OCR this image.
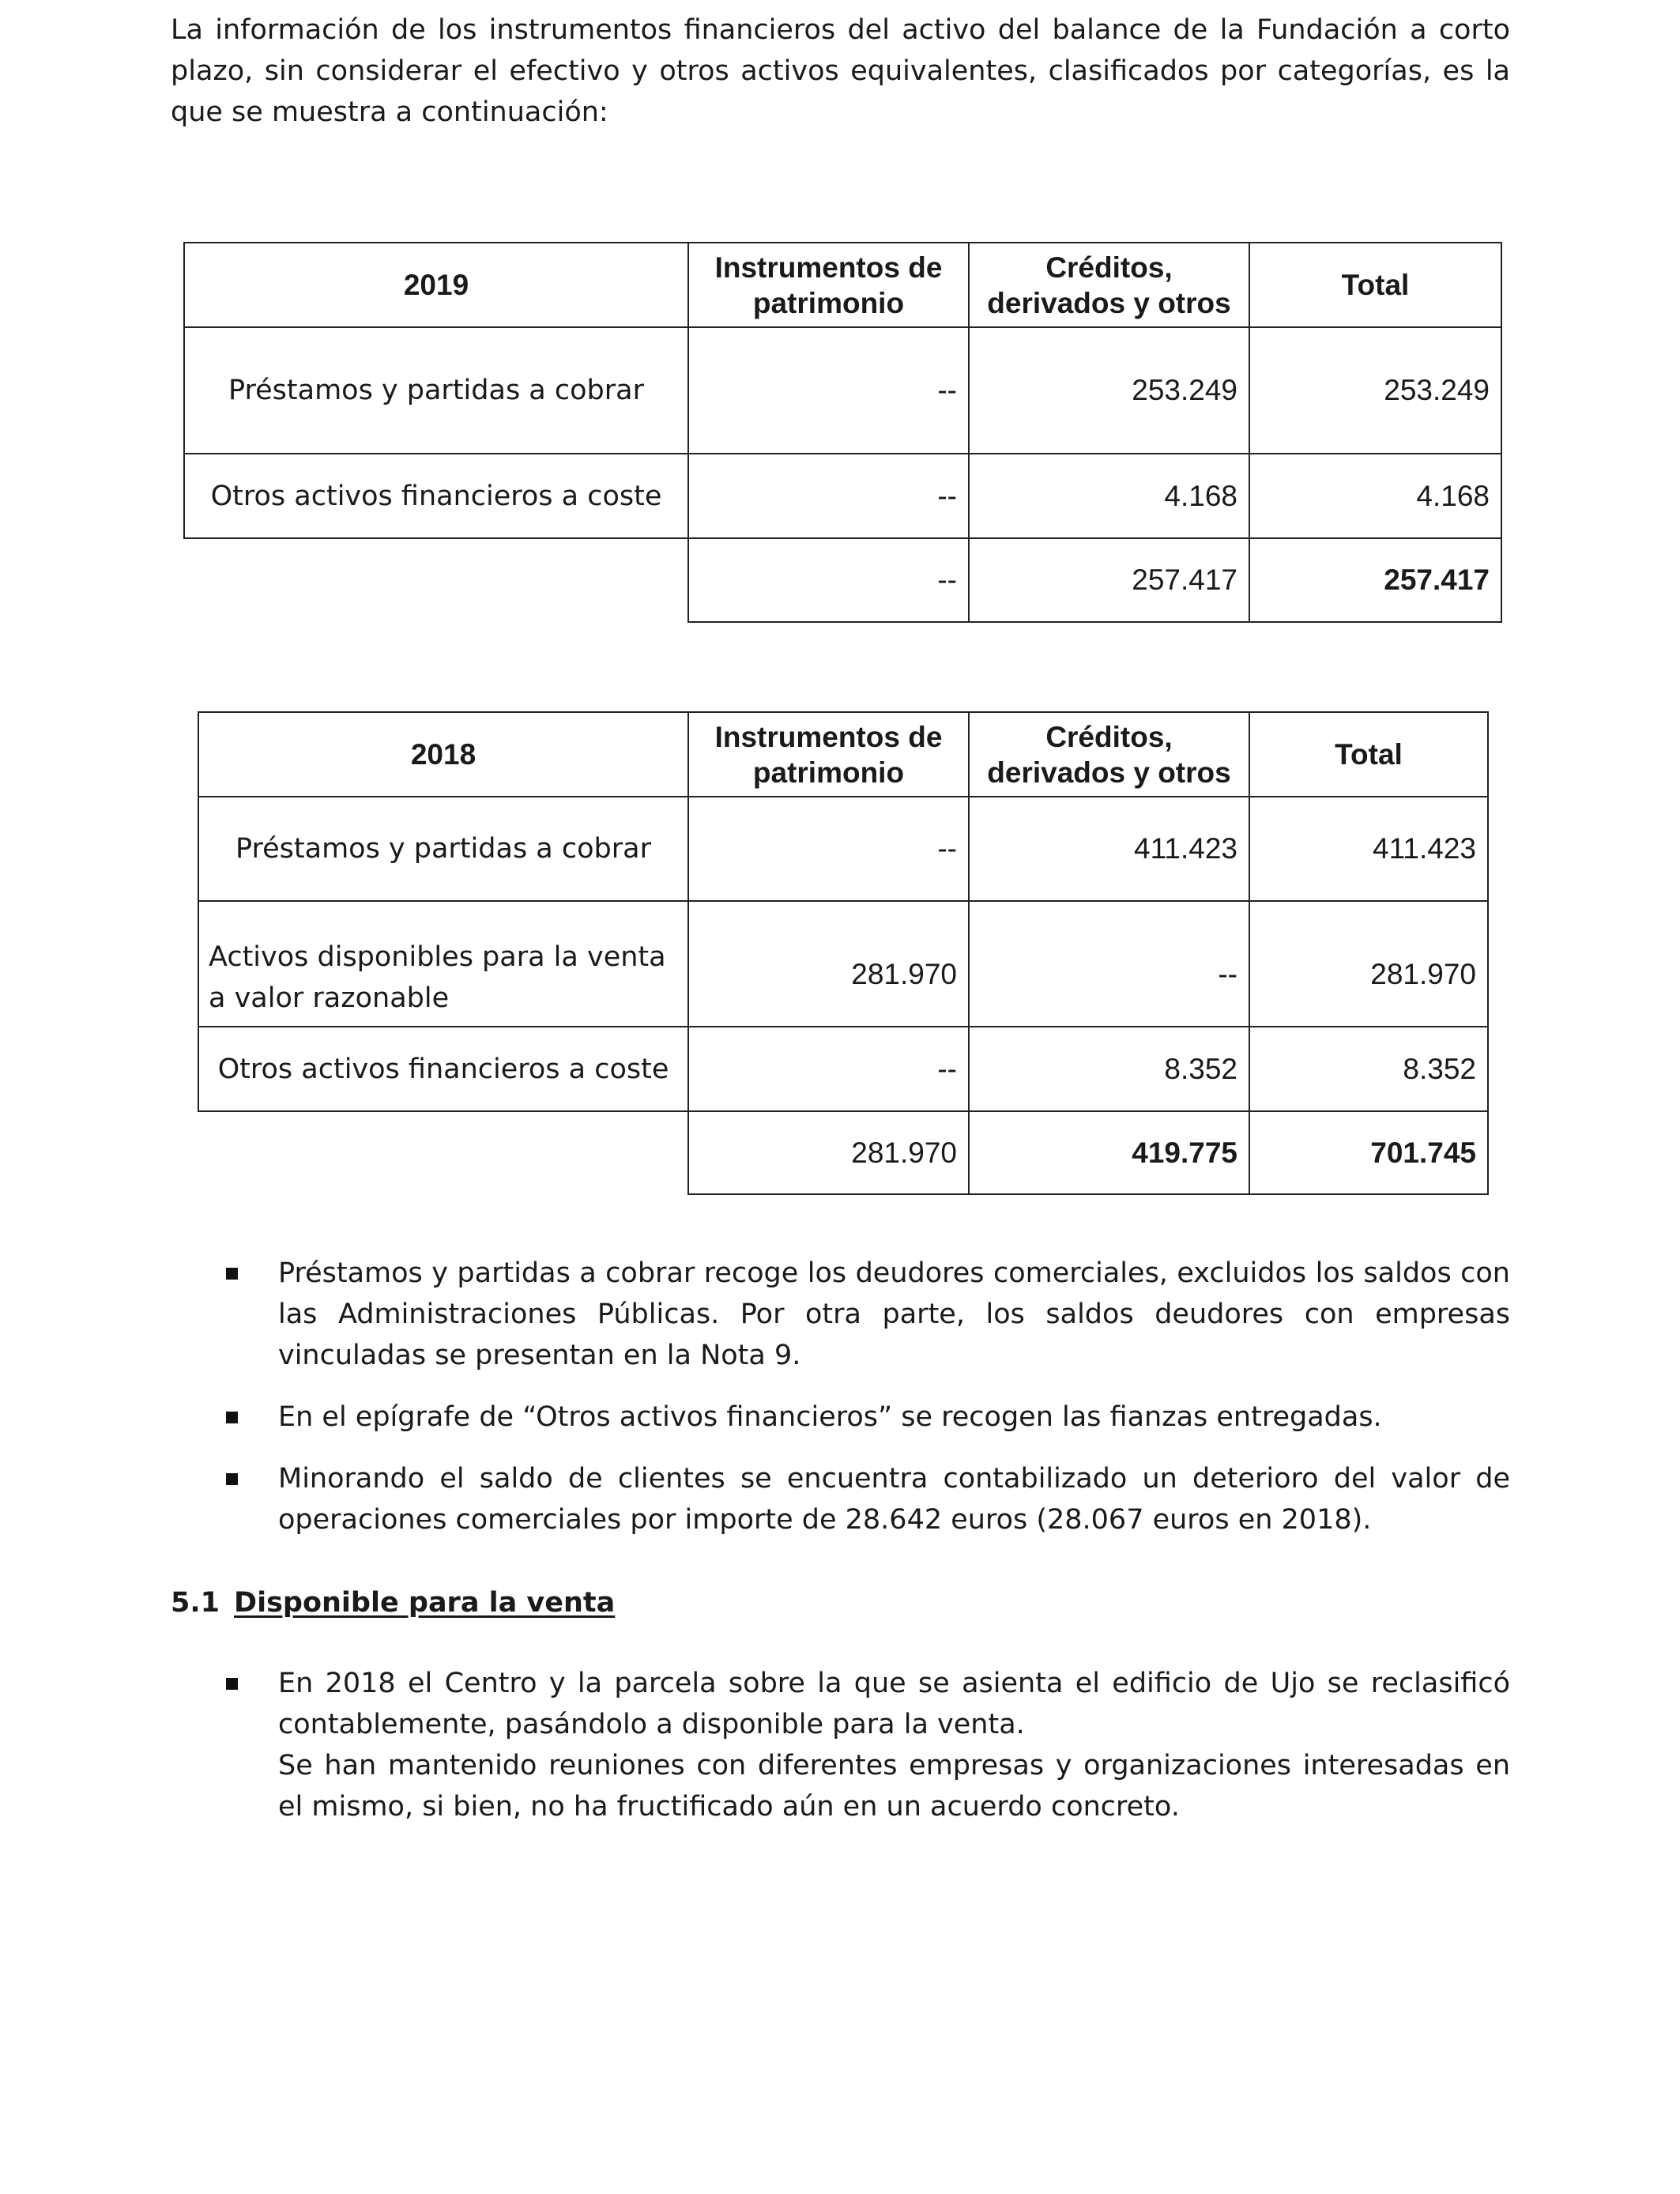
La información de los instrumentos financieros del activo del balance de la Fundación a corto plazo, sin considerar el efectivo y otros activos equivalentes, clasificados por categorías, es la que se muestra a continuación:

2019	Instrumentos de patrimonio	Créditos, derivados y otros	Total
Préstamos y partidas a cobrar	--	253.249	253.249
Otros activos financieros a coste	--	4.168	4.168
	--	257.417	257.417
2018	Instrumentos de patrimonio	Créditos, derivados y otros	Total
Préstamos y partidas a cobrar	--	411.423	411.423
Activos disponibles para la venta a valor razonable	281.970	--	281.970
Otros activos financieros a coste	--	8.352	8.352
	281.970	419.775	701.745
Préstamos y partidas a cobrar recoge los deudores comerciales, excluidos los saldos con las Administraciones Públicas. Por otra parte, los saldos deudores con empresas vinculadas se presentan en la Nota 9.
En el epígrafe de “Otros activos financieros” se recogen las fianzas entregadas.
Minorando el saldo de clientes se encuentra contabilizado un deterioro del valor de operaciones comerciales por importe de 28.642 euros (28.067 euros en 2018).
5.1 Disponible para la venta
En 2018 el Centro y la parcela sobre la que se asienta el edificio de Ujo se reclasificó contablemente, pasándolo a disponible para la venta.
Se han mantenido reuniones con diferentes empresas y organizaciones interesadas en el mismo, si bien, no ha fructificado aún en un acuerdo concreto.
